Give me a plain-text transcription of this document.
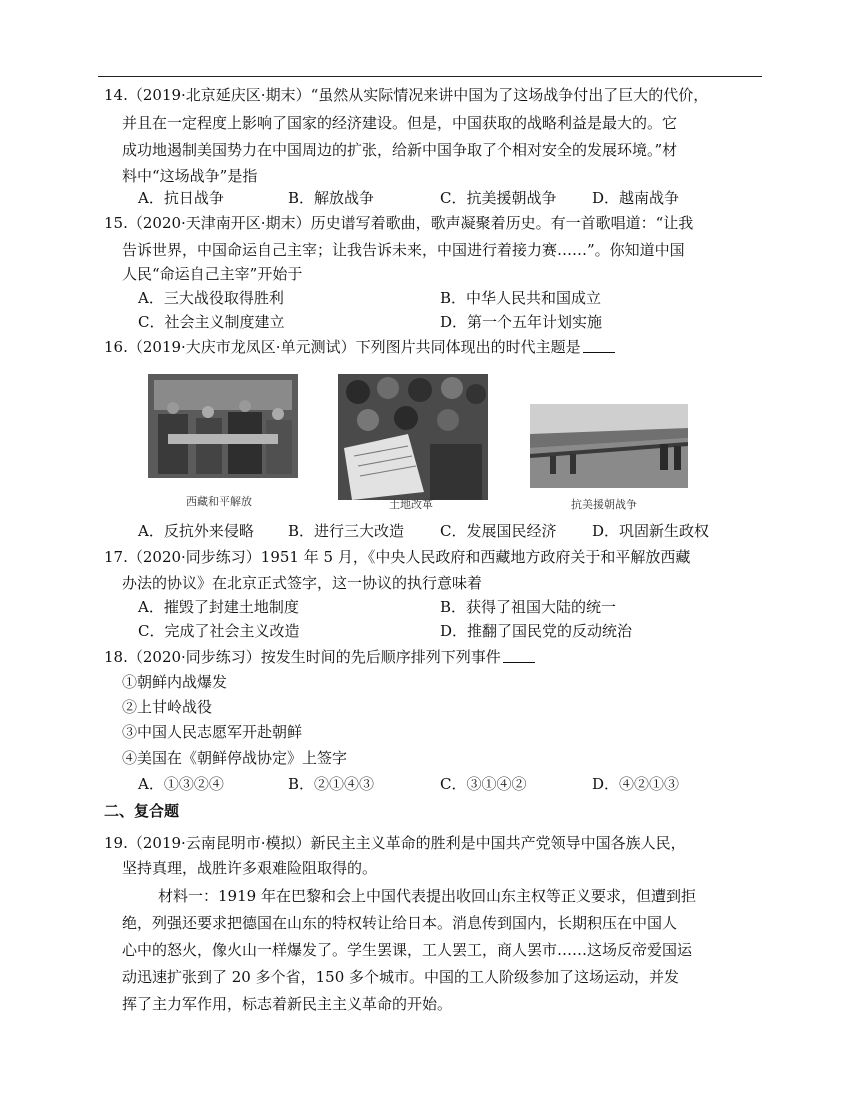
14.（2019·北京延庆区·期末）“虽然从实际情况来讲中国为了这场战争付出了巨大的代价，
并且在一定程度上影响了国家的经济建设。但是，中国获取的战略利益是最大的。它
成功地遏制美国势力在中国周边的扩张，给新中国争取了个相对安全的发展环境。”材
料中“这场战争”是指
A．抗日战争	B．解放战争	C．抗美援朝战争 D．越南战争
15.（2020·天津南开区·期末）历史谱写着歌曲，歌声凝聚着历史。有一首歌唱道：“让我
告诉世界，中国命运自己主宰；让我告诉未来，中国进行着接力赛……”。你知道中国
人民“命运自己主宰”开始于
A．三大战役取得胜利	B．中华人民共和国成立
C．社会主义制度建立	D．第一个五年计划实施
16.（2019·大庆市龙凤区·单元测试）下列图片共同体现出的时代主题是
西藏和平解放	土地改革	抗美援朝战争
A．反抗外来侵略 B．进行三大改造 C．发展国民经济 D．巩固新生政权
17.（2020·同步练习）1951 年 5 月，《中央人民政府和西藏地方政府关于和平解放西藏
办法的协议》在北京正式签字，这一协议的执行意味着
A．摧毁了封建土地制度	B．获得了祖国大陆的统一
C．完成了社会主义改造	D．推翻了国民党的反动统治
18.（2020·同步练习）按发生时间的先后顺序排列下列事件
①朝鲜内战爆发
②上甘岭战役
③中国人民志愿军开赴朝鲜
④美国在《朝鲜停战协定》上签字
A．①③②④	B．②①④③	C．③①④②	D．④②①③
二、复合题
19.（2019·云南昆明市·模拟）新民主主义革命的胜利是中国共产党领导中国各族人民，
坚持真理，战胜许多艰难险阻取得的。
材料一：1919 年在巴黎和会上中国代表提出收回山东主权等正义要求，但遭到拒
绝，列强还要求把德国在山东的特权转让给日本。消息传到国内，长期积压在中国人
心中的怒火，像火山一样爆发了。学生罢课，工人罢工，商人罢市……这场反帝爱国运
动迅速扩张到了 20 多个省，150 多个城市。中国的工人阶级参加了这场运动，并发
挥了主力军作用，标志着新民主主义革命的开始。
